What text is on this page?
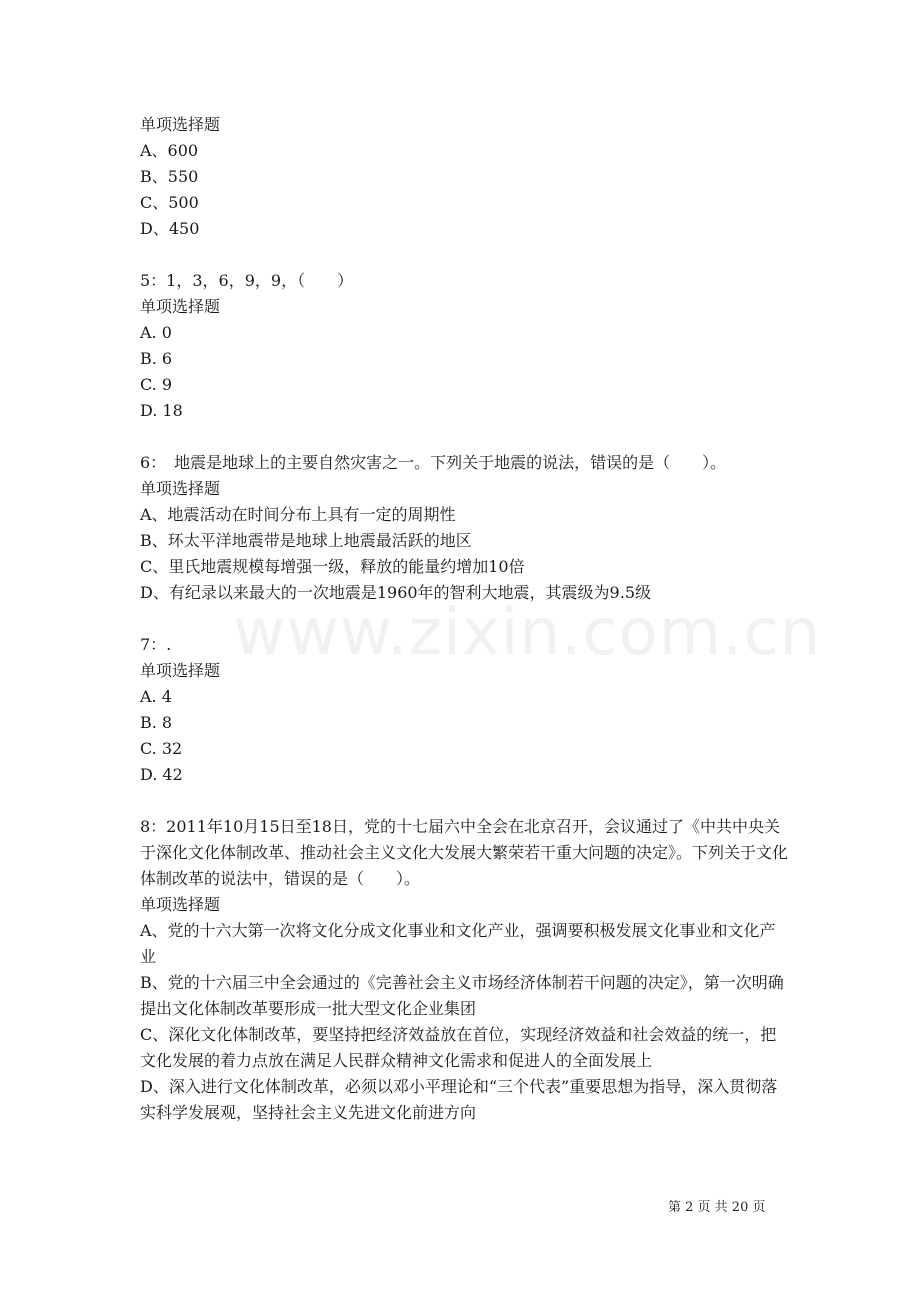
单项选择题
A、600
B、550
C、500
D、450
5：1，3，6，9，9，（　　）
单项选择题
A. 0
B. 6
C. 9
D. 18
6：　地震是地球上的主要自然灾害之一。下列关于地震的说法，错误的是（　　）。
单项选择题
A、地震活动在时间分布上具有一定的周期性
B、环太平洋地震带是地球上地震最活跃的地区
C、里氏地震规模每增强一级，释放的能量约增加10倍
D、有纪录以来最大的一次地震是1960年的智利大地震，其震级为9.5级
7：.
单项选择题
A. 4
B. 8
C. 32
D. 42
8：2011年10月15日至18日，党的十七届六中全会在北京召开，会议通过了《中共中央关于深化文化体制改革、推动社会主义文化大发展大繁荣若干重大问题的决定》。下列关于文化体制改革的说法中，错误的是（　　）。
单项选择题
A、党的十六大第一次将文化分成文化事业和文化产业，强调要积极发展文化事业和文化产业
B、党的十六届三中全会通过的《完善社会主义市场经济体制若干问题的决定》，第一次明确提出文化体制改革要形成一批大型文化企业集团
C、深化文化体制改革，要坚持把经济效益放在首位，实现经济效益和社会效益的统一，把文化发展的着力点放在满足人民群众精神文化需求和促进人的全面发展上
D、深入进行文化体制改革，必须以邓小平理论和“三个代表”重要思想为指导，深入贯彻落实科学发展观，坚持社会主义先进文化前进方向
www.zixin.com.cn
第 2 页 共 20 页
